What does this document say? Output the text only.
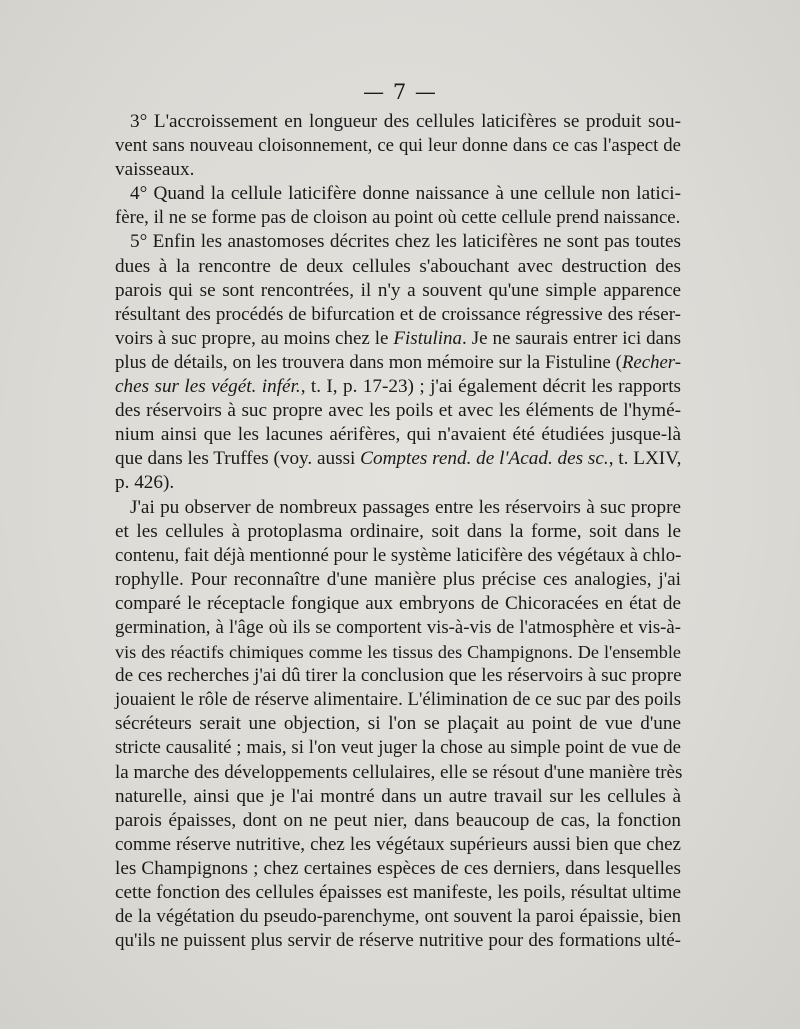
— 7 —
3° L'accroissement en longueur des cellules laticifères se produit sou-
vent sans nouveau cloisonnement, ce qui leur donne dans ce cas l'aspect de
vaisseaux.
4° Quand la cellule laticifère donne naissance à une cellule non latici-
fère, il ne se forme pas de cloison au point où cette cellule prend naissance.
5° Enfin les anastomoses décrites chez les laticifères ne sont pas toutes
dues à la rencontre de deux cellules s'abouchant avec destruction des
parois qui se sont rencontrées, il n'y a souvent qu'une simple apparence
résultant des procédés de bifurcation et de croissance régressive des réser-
voirs à suc propre, au moins chez le Fistulina. Je ne saurais entrer ici dans
plus de détails, on les trouvera dans mon mémoire sur la Fistuline (Recher-
ches sur les végét. infér., t. I, p. 17-23) ; j'ai également décrit les rapports
des réservoirs à suc propre avec les poils et avec les éléments de l'hymé-
nium ainsi que les lacunes aérifères, qui n'avaient été étudiées jusque-là
que dans les Truffes (voy. aussi Comptes rend. de l'Acad. des sc., t. LXIV,
p. 426).
J'ai pu observer de nombreux passages entre les réservoirs à suc propre
et les cellules à protoplasma ordinaire, soit dans la forme, soit dans le
contenu, fait déjà mentionné pour le système laticifère des végétaux à chlo-
rophylle. Pour reconnaître d'une manière plus précise ces analogies, j'ai
comparé le réceptacle fongique aux embryons de Chicoracées en état de
germination, à l'âge où ils se comportent vis-à-vis de l'atmosphère et vis-à-
vis des réactifs chimiques comme les tissus des Champignons. De l'ensemble
de ces recherches j'ai dû tirer la conclusion que les réservoirs à suc propre
jouaient le rôle de réserve alimentaire. L'élimination de ce suc par des poils
sécréteurs serait une objection, si l'on se plaçait au point de vue d'une
stricte causalité ; mais, si l'on veut juger la chose au simple point de vue de
la marche des développements cellulaires, elle se résout d'une manière très
naturelle, ainsi que je l'ai montré dans un autre travail sur les cellules à
parois épaisses, dont on ne peut nier, dans beaucoup de cas, la fonction
comme réserve nutritive, chez les végétaux supérieurs aussi bien que chez
les Champignons ; chez certaines espèces de ces derniers, dans lesquelles
cette fonction des cellules épaisses est manifeste, les poils, résultat ultime
de la végétation du pseudo-parenchyme, ont souvent la paroi épaissie, bien
qu'ils ne puissent plus servir de réserve nutritive pour des formations ulté-
